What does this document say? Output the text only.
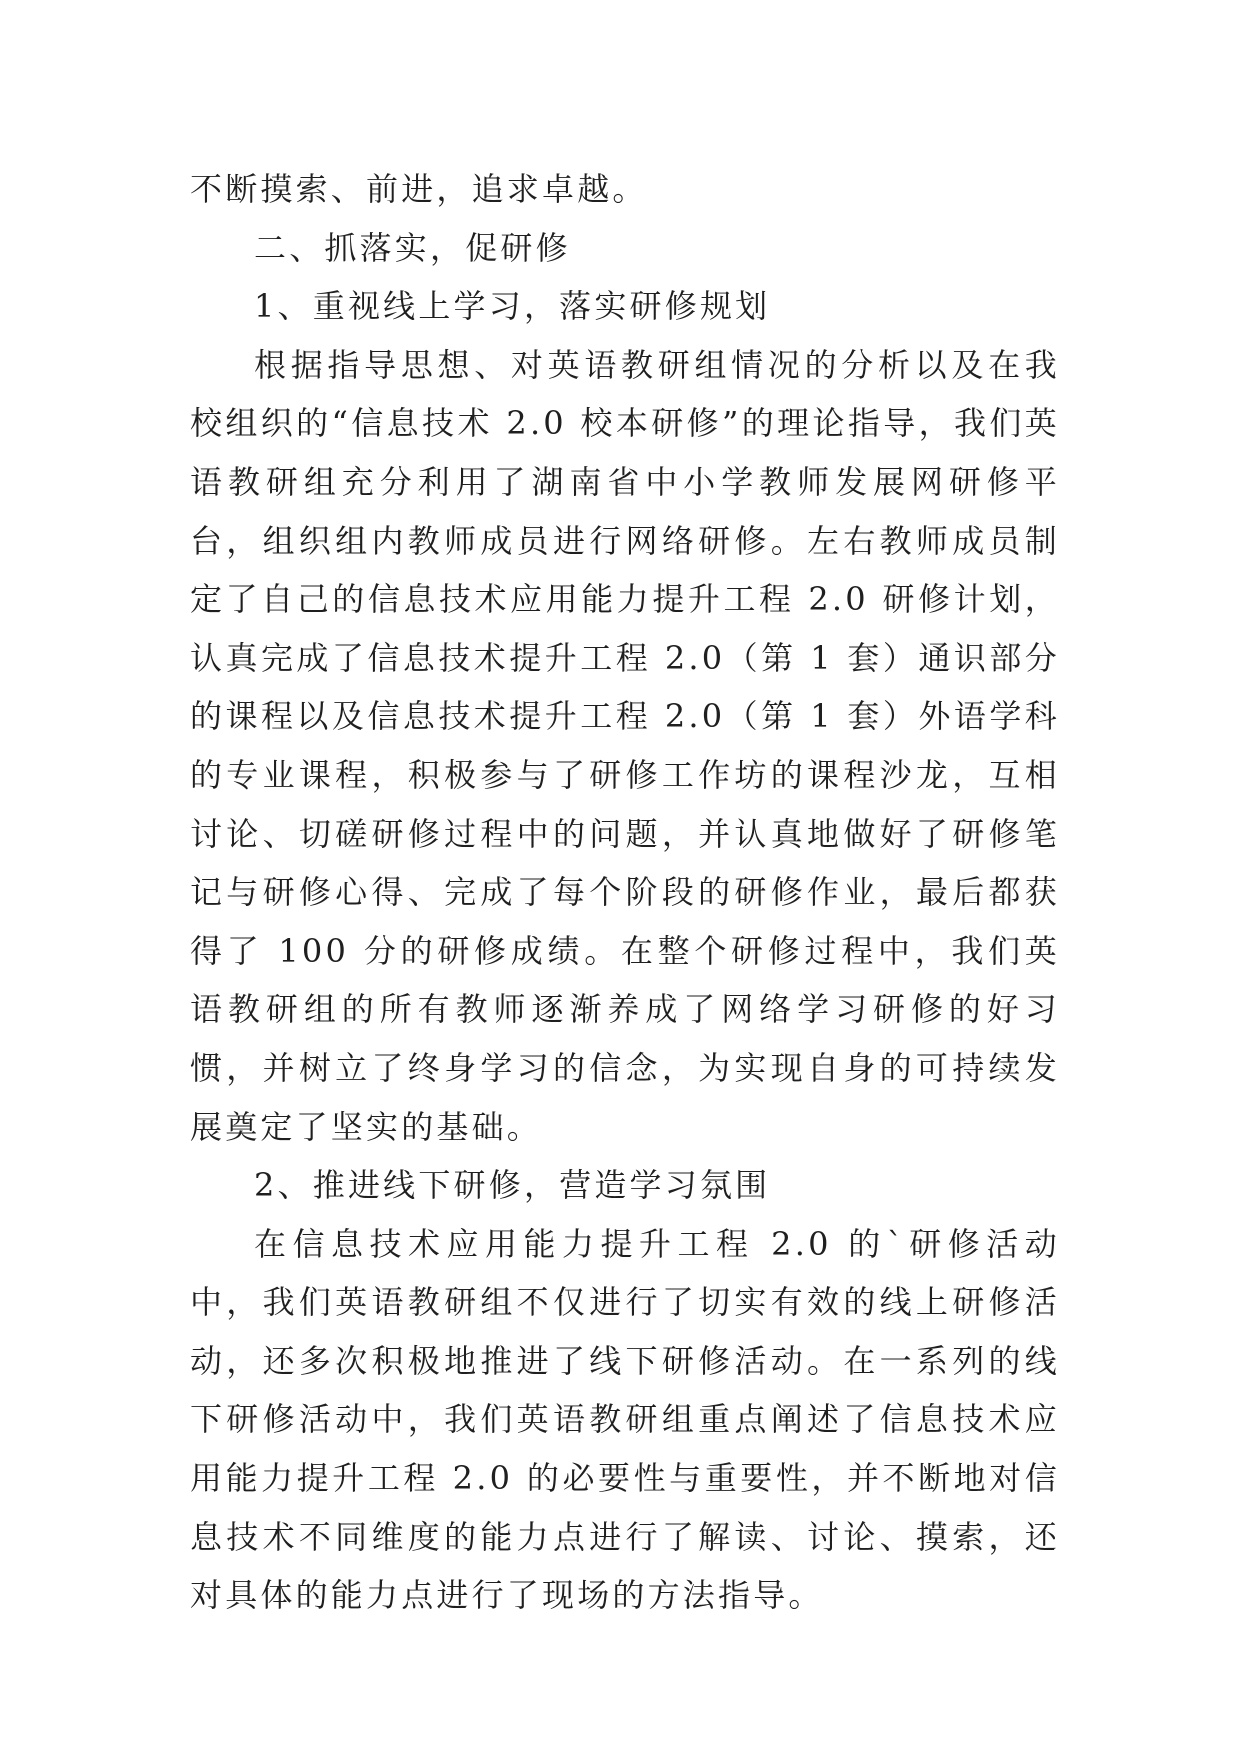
不断摸索、前进，追求卓越。

二、抓落实，促研修

1、重视线上学习，落实研修规划

根据指导思想、对英语教研组情况的分析以及在我校组织的“信息技术 2.0 校本研修”的理论指导，我们英语教研组充分利用了湖南省中小学教师发展网研修平台，组织组内教师成员进行网络研修。左右教师成员制定了自己的信息技术应用能力提升工程 2.0 研修计划，认真完成了信息技术提升工程 2.0（第 1 套）通识部分的课程以及信息技术提升工程 2.0（第 1 套）外语学科的专业课程，积极参与了研修工作坊的课程沙龙，互相讨论、切磋研修过程中的问题，并认真地做好了研修笔记与研修心得、完成了每个阶段的研修作业，最后都获得了 100 分的研修成绩。在整个研修过程中，我们英语教研组的所有教师逐渐养成了网络学习研修的好习惯，并树立了终身学习的信念，为实现自身的可持续发展奠定了坚实的基础。

2、推进线下研修，营造学习氛围

在信息技术应用能力提升工程 2.0 的`研修活动中，我们英语教研组不仅进行了切实有效的线上研修活动，还多次积极地推进了线下研修活动。在一系列的线下研修活动中，我们英语教研组重点阐述了信息技术应用能力提升工程 2.0 的必要性与重要性，并不断地对信息技术不同维度的能力点进行了解读、讨论、摸索，还对具体的能力点进行了现场的方法指导。
